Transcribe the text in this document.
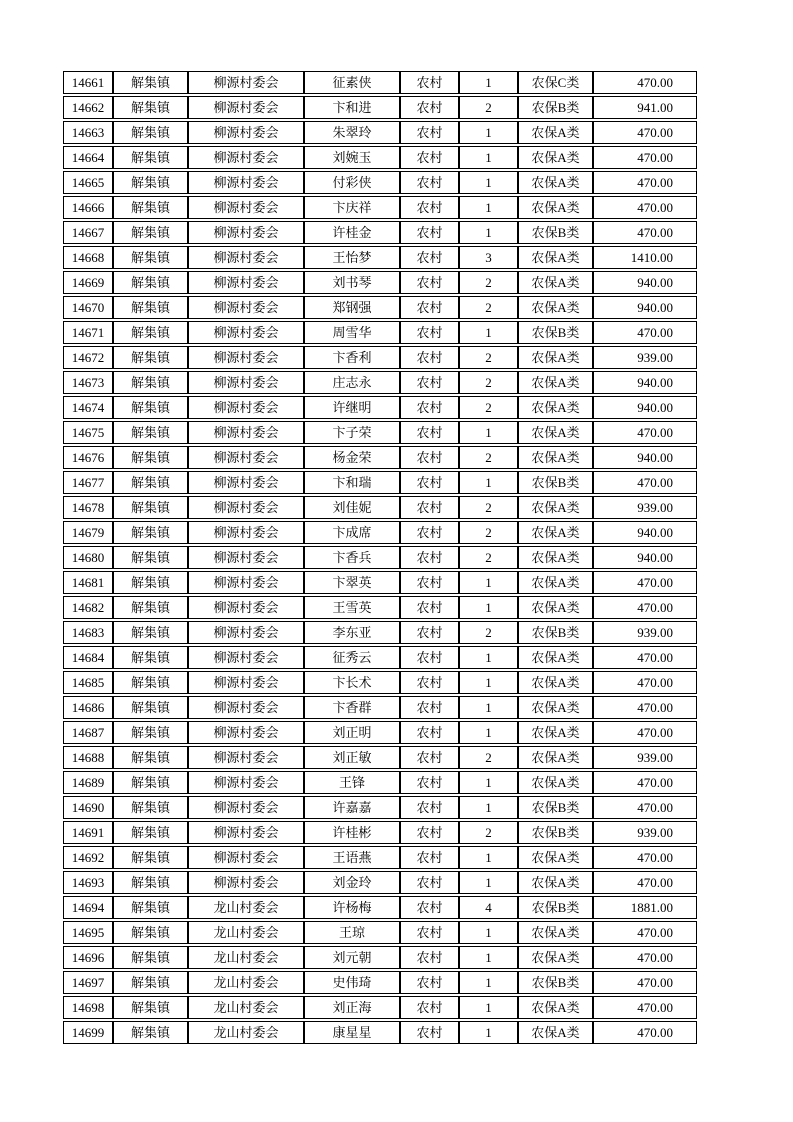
14661	解集镇	柳源村委会	征素侠	农村	1	农保C类	470.00
14662	解集镇	柳源村委会	卞和进	农村	2	农保B类	941.00
14663	解集镇	柳源村委会	朱翠玲	农村	1	农保A类	470.00
14664	解集镇	柳源村委会	刘婉玉	农村	1	农保A类	470.00
14665	解集镇	柳源村委会	付彩侠	农村	1	农保A类	470.00
14666	解集镇	柳源村委会	卞庆祥	农村	1	农保A类	470.00
14667	解集镇	柳源村委会	许桂金	农村	1	农保B类	470.00
14668	解集镇	柳源村委会	王怡梦	农村	3	农保A类	1410.00
14669	解集镇	柳源村委会	刘书琴	农村	2	农保A类	940.00
14670	解集镇	柳源村委会	郑钢强	农村	2	农保A类	940.00
14671	解集镇	柳源村委会	周雪华	农村	1	农保B类	470.00
14672	解集镇	柳源村委会	卞香利	农村	2	农保A类	939.00
14673	解集镇	柳源村委会	庄志永	农村	2	农保A类	940.00
14674	解集镇	柳源村委会	许继明	农村	2	农保A类	940.00
14675	解集镇	柳源村委会	卞子荣	农村	1	农保A类	470.00
14676	解集镇	柳源村委会	杨金荣	农村	2	农保A类	940.00
14677	解集镇	柳源村委会	卞和瑞	农村	1	农保B类	470.00
14678	解集镇	柳源村委会	刘佳妮	农村	2	农保A类	939.00
14679	解集镇	柳源村委会	卞成席	农村	2	农保A类	940.00
14680	解集镇	柳源村委会	卞香兵	农村	2	农保A类	940.00
14681	解集镇	柳源村委会	卞翠英	农村	1	农保A类	470.00
14682	解集镇	柳源村委会	王雪英	农村	1	农保A类	470.00
14683	解集镇	柳源村委会	李东亚	农村	2	农保B类	939.00
14684	解集镇	柳源村委会	征秀云	农村	1	农保A类	470.00
14685	解集镇	柳源村委会	卞长术	农村	1	农保A类	470.00
14686	解集镇	柳源村委会	卞香群	农村	1	农保A类	470.00
14687	解集镇	柳源村委会	刘正明	农村	1	农保A类	470.00
14688	解集镇	柳源村委会	刘正敏	农村	2	农保A类	939.00
14689	解集镇	柳源村委会	王锋	农村	1	农保A类	470.00
14690	解集镇	柳源村委会	许嘉嘉	农村	1	农保B类	470.00
14691	解集镇	柳源村委会	许桂彬	农村	2	农保B类	939.00
14692	解集镇	柳源村委会	王语燕	农村	1	农保A类	470.00
14693	解集镇	柳源村委会	刘金玲	农村	1	农保A类	470.00
14694	解集镇	龙山村委会	许杨梅	农村	4	农保B类	1881.00
14695	解集镇	龙山村委会	王琼	农村	1	农保A类	470.00
14696	解集镇	龙山村委会	刘元朝	农村	1	农保A类	470.00
14697	解集镇	龙山村委会	史伟琦	农村	1	农保B类	470.00
14698	解集镇	龙山村委会	刘正海	农村	1	农保A类	470.00
14699	解集镇	龙山村委会	康星星	农村	1	农保A类	470.00
